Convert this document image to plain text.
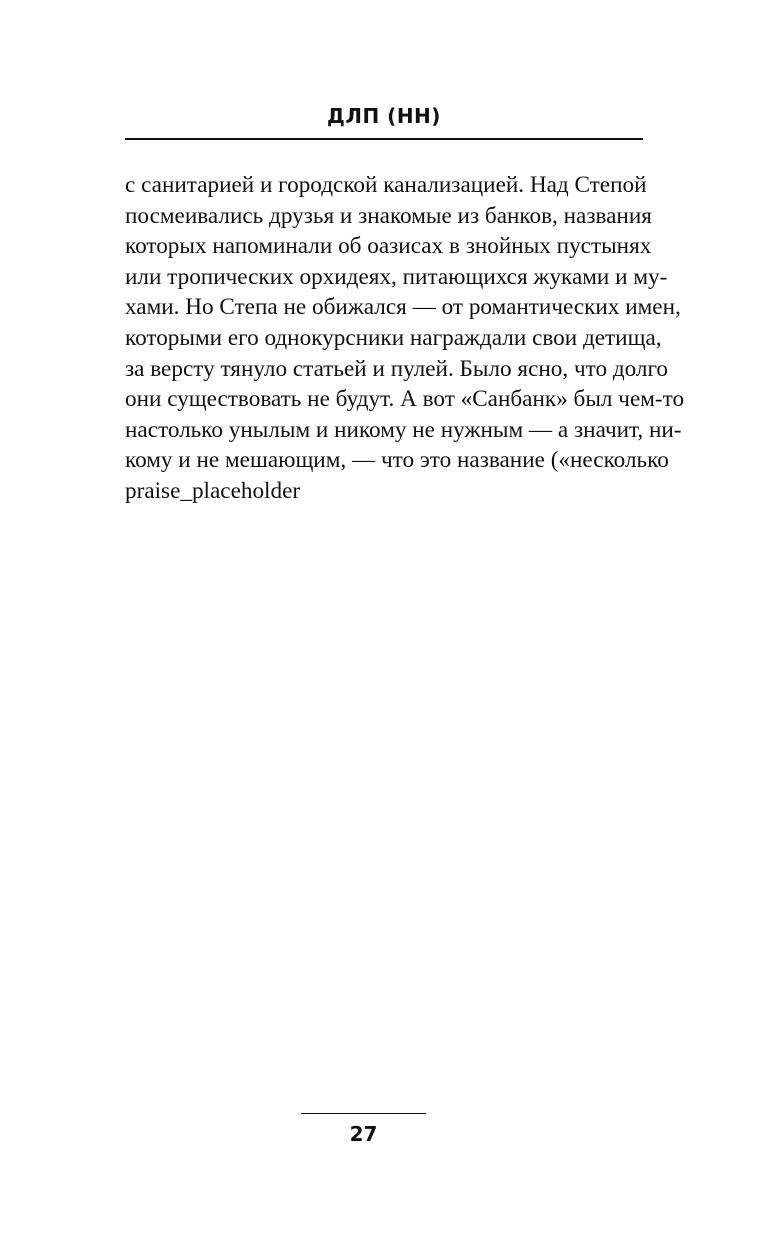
ДЛП (НН)
с санитарией и городской канализацией. Над Степой
посмеивались друзья и знакомые из банков, названия
которых напоминали об оазисах в знойных пустынях
или тропических орхидеях, питающихся жуками и му-
хами. Но Степа не обижался — от романтических имен,
которыми его однокурсники награждали свои детища,
за версту тянуло статьей и пулей. Было ясно, что долго
они существовать не будут. А вот «Санбанк» был чем-то
настолько унылым и никому не нужным — а значит, ни-
кому и не мешающим, — что это название («несколько
praise_placeholder
27
